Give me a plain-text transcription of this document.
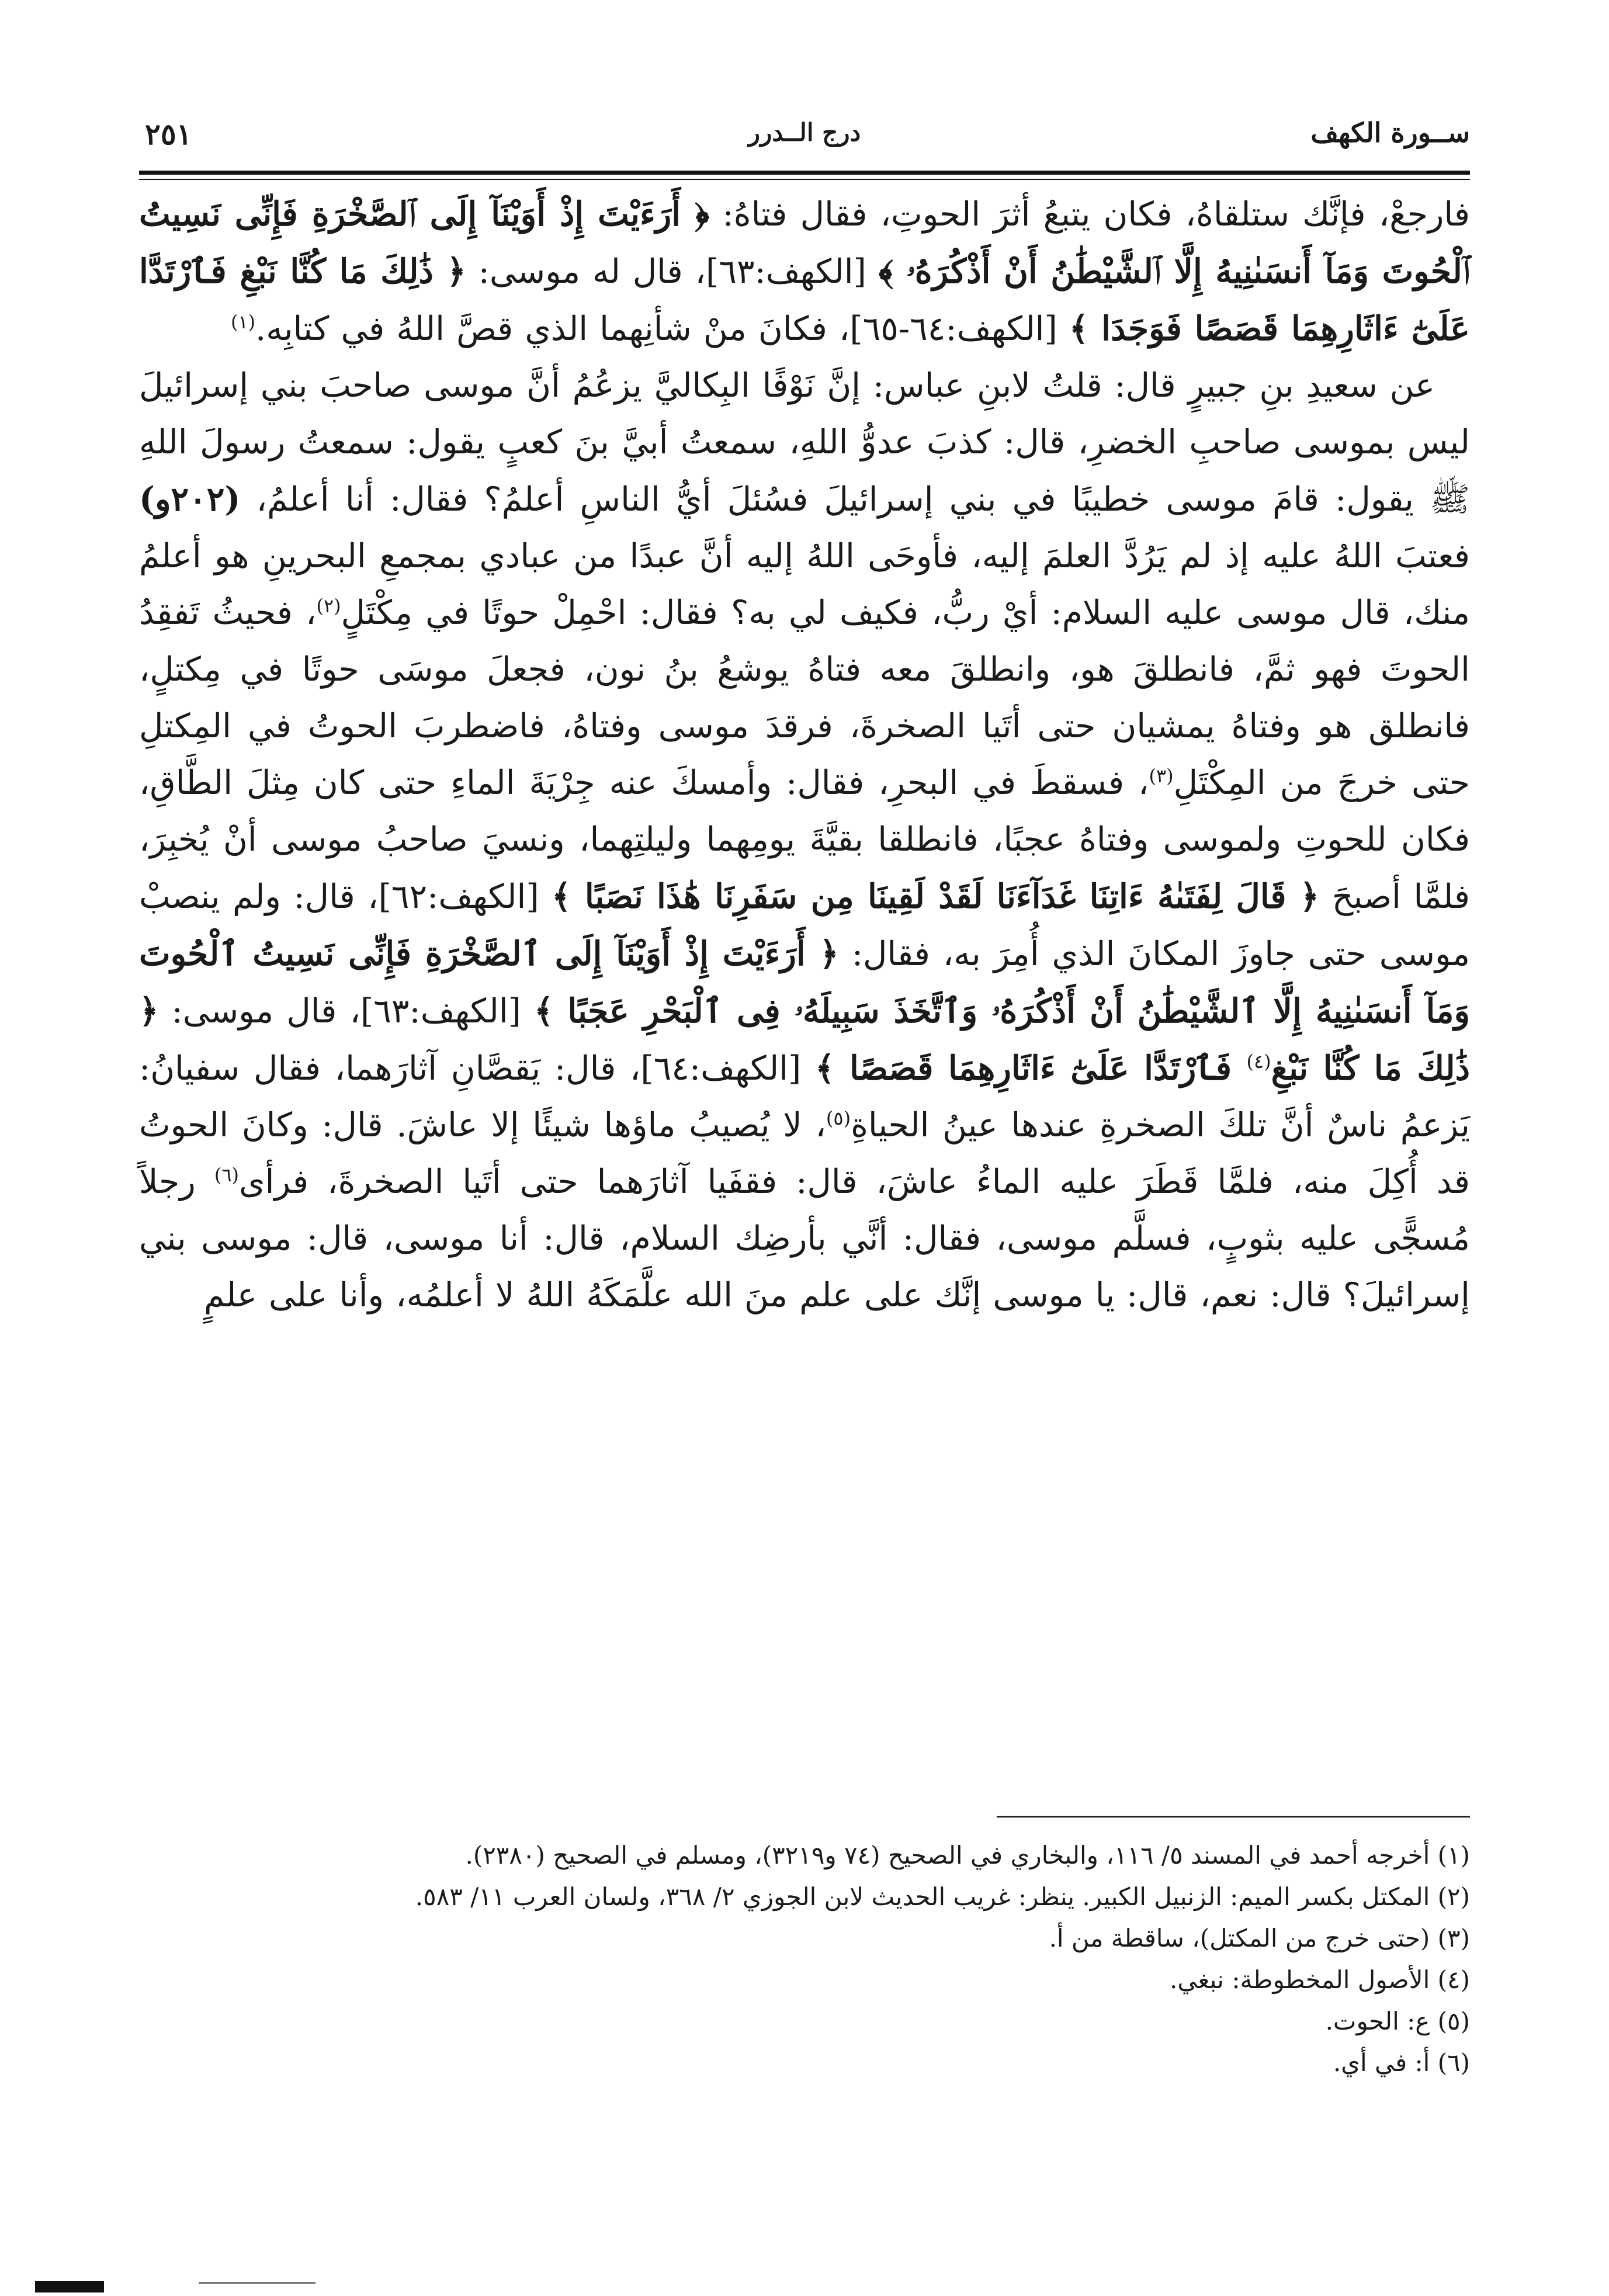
ســورة الكهف
درج الــدرر
٢٥١

فارجعْ، فإنَّك ستلقاهُ، فكان يتبعُ أثرَ الحوتِ، فقال فتاهُ: ﴿ أَرَءَيْتَ إِذْ أَوَيْنَآ إِلَى ٱلصَّخْرَةِ فَإِنِّى نَسِيتُ ٱلْحُوتَ وَمَآ أَنسَىٰنِيهُ إِلَّا ٱلشَّيْطَٰنُ أَنْ أَذْكُرَهُۥ ﴾ [الكهف:٦٣]، قال له موسى: ﴿ ذَٰلِكَ مَا كُنَّا نَبْغِ فَٱرْتَدَّا عَلَىٰٓ ءَاثَارِهِمَا قَصَصًا فَوَجَدَا ﴾ [الكهف:٦٤-٦٥]، فكانَ منْ شأنِهما الذي قصَّ اللهُ في كتابِه.$^{(١)}$

عن سعيدِ بنِ جبيرٍ قال: قلتُ لابنِ عباس: إنَّ نَوْفًا البِكاليَّ يزعُمُ أنَّ موسى صاحبَ بني إسرائيلَ ليس بموسى صاحبِ الخضرِ، قال: كذبَ عدوُّ اللهِ، سمعتُ أبيَّ بنَ كعبٍ يقول: سمعتُ رسولَ اللهِ ﷺ يقول: قامَ موسى خطيبًا في بني إسرائيلَ فسُئلَ أيُّ الناسِ أعلمُ؟ فقال: أنا أعلمُ، (٢٠٢و) فعتبَ اللهُ عليه إذ لم يَرُدَّ العلمَ إليه، فأوحَى اللهُ إليه أنَّ عبدًا من عبادي بمجمعِ البحرينِ هو أعلمُ منك، قال موسى عليه السلام: أيْ ربُّ، فكيف لي به؟ فقال: احْمِلْ حوتًا في مِكْتَلٍ$^{(٢)}$، فحيثُ تَفقِدُ الحوتَ فهو ثمَّ، فانطلقَ هو، وانطلقَ معه فتاهُ يوشعُ بنُ نون، فجعلَ موسَى حوتًا في مِكتلٍ، فانطلق هو وفتاهُ يمشيان حتى أتَيا الصخرةَ، فرقدَ موسى وفتاهُ، فاضطربَ الحوتُ في المِكتلِ حتى خرجَ من المِكْتَلِ$^{(٣)}$، فسقطَ في البحرِ، فقال: وأمسكَ عنه جِرْيَةَ الماءِ حتى كان مِثلَ الطَّاقِ، فكان للحوتِ ولموسى وفتاهُ عجبًا، فانطلقا بقيَّةَ يومِهما وليلتِهما، ونسيَ صاحبُ موسى أنْ يُخبِرَ، فلمَّا أصبحَ ﴿ قَالَ لِفَتَىٰهُ ءَاتِنَا غَدَآءَنَا لَقَدْ لَقِينَا مِن سَفَرِنَا هَٰذَا نَصَبًا ﴾ [الكهف:٦٢]، قال: ولم ينصبْ موسى حتى جاوزَ المكانَ الذي أُمِرَ به، فقال: ﴿ أَرَءَيْتَ إِذْ أَوَيْنَآ إِلَى ٱلصَّخْرَةِ فَإِنِّى نَسِيتُ ٱلْحُوتَ وَمَآ أَنسَىٰنِيهُ إِلَّا ٱلشَّيْطَٰنُ أَنْ أَذْكُرَهُۥ وَٱتَّخَذَ سَبِيلَهُۥ فِى ٱلْبَحْرِ عَجَبًا ﴾ [الكهف:٦٣]، قال موسى: ﴿ ذَٰلِكَ مَا كُنَّا نَبْغِ$^{(٤)}$ فَٱرْتَدَّا عَلَىٰٓ ءَاثَارِهِمَا قَصَصًا ﴾ [الكهف:٦٤]، قال: يَقصَّانِ آثارَهما، فقال سفيانُ: يَزعمُ ناسٌ أنَّ تلكَ الصخرةِ عندها عينُ الحياةِ$^{(٥)}$، لا يُصيبُ ماؤها شيئًا إلا عاشَ. قال: وكانَ الحوتُ قد أُكِلَ منه، فلمَّا قَطَرَ عليه الماءُ عاشَ، قال: فقفَيا آثارَهما حتى أتَيا الصخرةَ، فرأى$^{(٦)}$ رجلاً مُسجًّى عليه بثوبٍ، فسلَّم موسى، فقال: أنَّي بأرضِك السلام، قال: أنا موسى، قال: موسى بني إسرائيلَ؟ قال: نعم، قال: يا موسى إنَّك على علم منَ الله علَّمَكَهُ اللهُ لا أعلمُه، وأنا على علمٍ

(١) أخرجه أحمد في المسند ٥/ ١١٦، والبخاري في الصحيح (٧٤ و٣٢١٩)، ومسلم في الصحيح (٢٣٨٠).
(٢) المكتل بكسر الميم: الزنبيل الكبير. ينظر: غريب الحديث لابن الجوزي ٢/ ٣٦٨، ولسان العرب ١١/ ٥٨٣.
(٣) (حتى خرج من المكتل)، ساقطة من أ.
(٤) الأصول المخطوطة: نبغي.
(٥) ع: الحوت.
(٦) أ: في أي.
